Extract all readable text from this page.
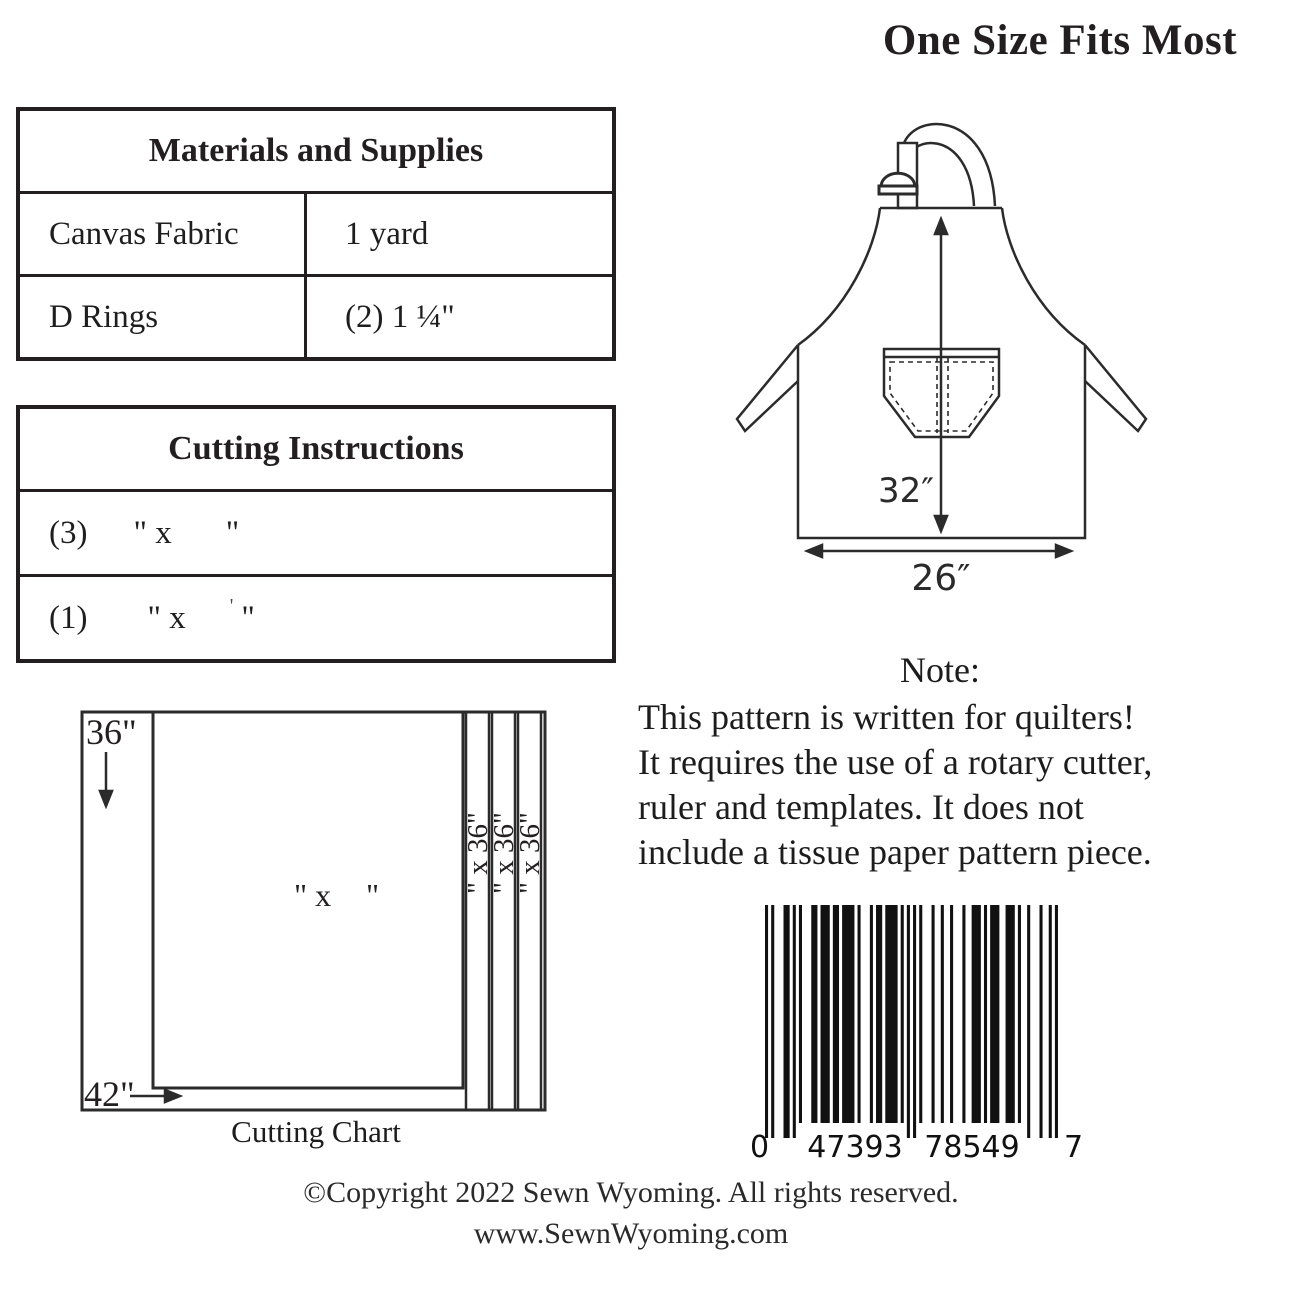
One Size Fits Most
Materials and Supplies
Canvas Fabric	1 yard
D Rings	(2) 1 ¼"
Cutting Instructions
(3) " x "
(1) " x ' "
32″
26″
36"
42"
" x "
" x 36"
" x 36"
" x 36"
Cutting Chart
Note:
This pattern is written for quilters!
It requires the use of a rotary cutter,
ruler and templates. It does not
include a tissue paper pattern piece.
0 47393 78549 7
©Copyright 2022 Sewn Wyoming. All rights reserved.
www.SewnWyoming.com
